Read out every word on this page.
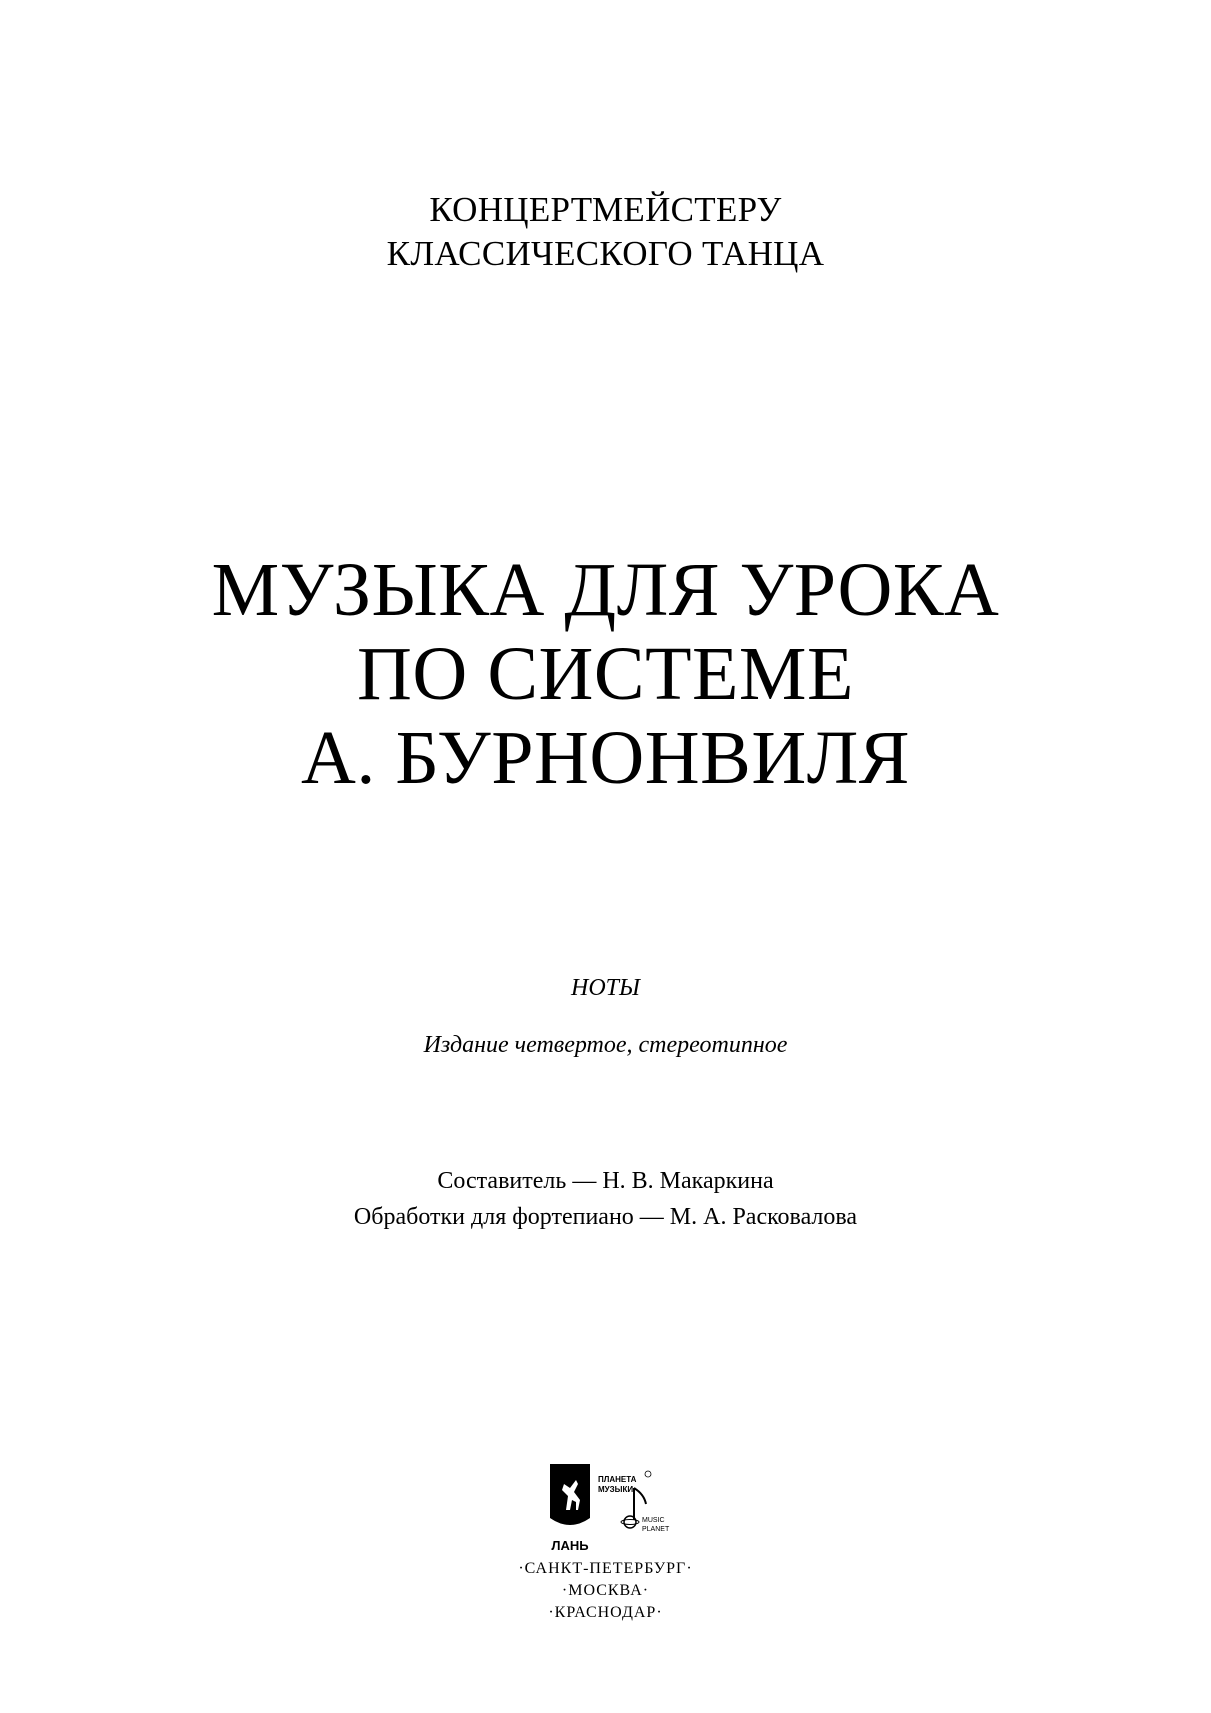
КОНЦЕРТМЕЙСТЕРУ
КЛАССИЧЕСКОГО ТАНЦА
МУЗЫКА ДЛЯ УРОКА
ПО СИСТЕМЕ
А. БУРНОНВИЛЯ
НОТЫ
Издание четвертое, стереотипное
Составитель — Н. В. Макаркина
Обработки для фортепиано — М. А. Расковалова
ЛАНЬ
ПЛАНЕТА
МУЗЫКИ
MUSIC
PLANET
·САНКТ-ПЕТЕРБУРГ·
·МОСКВА·
·КРАСНОДАР·
